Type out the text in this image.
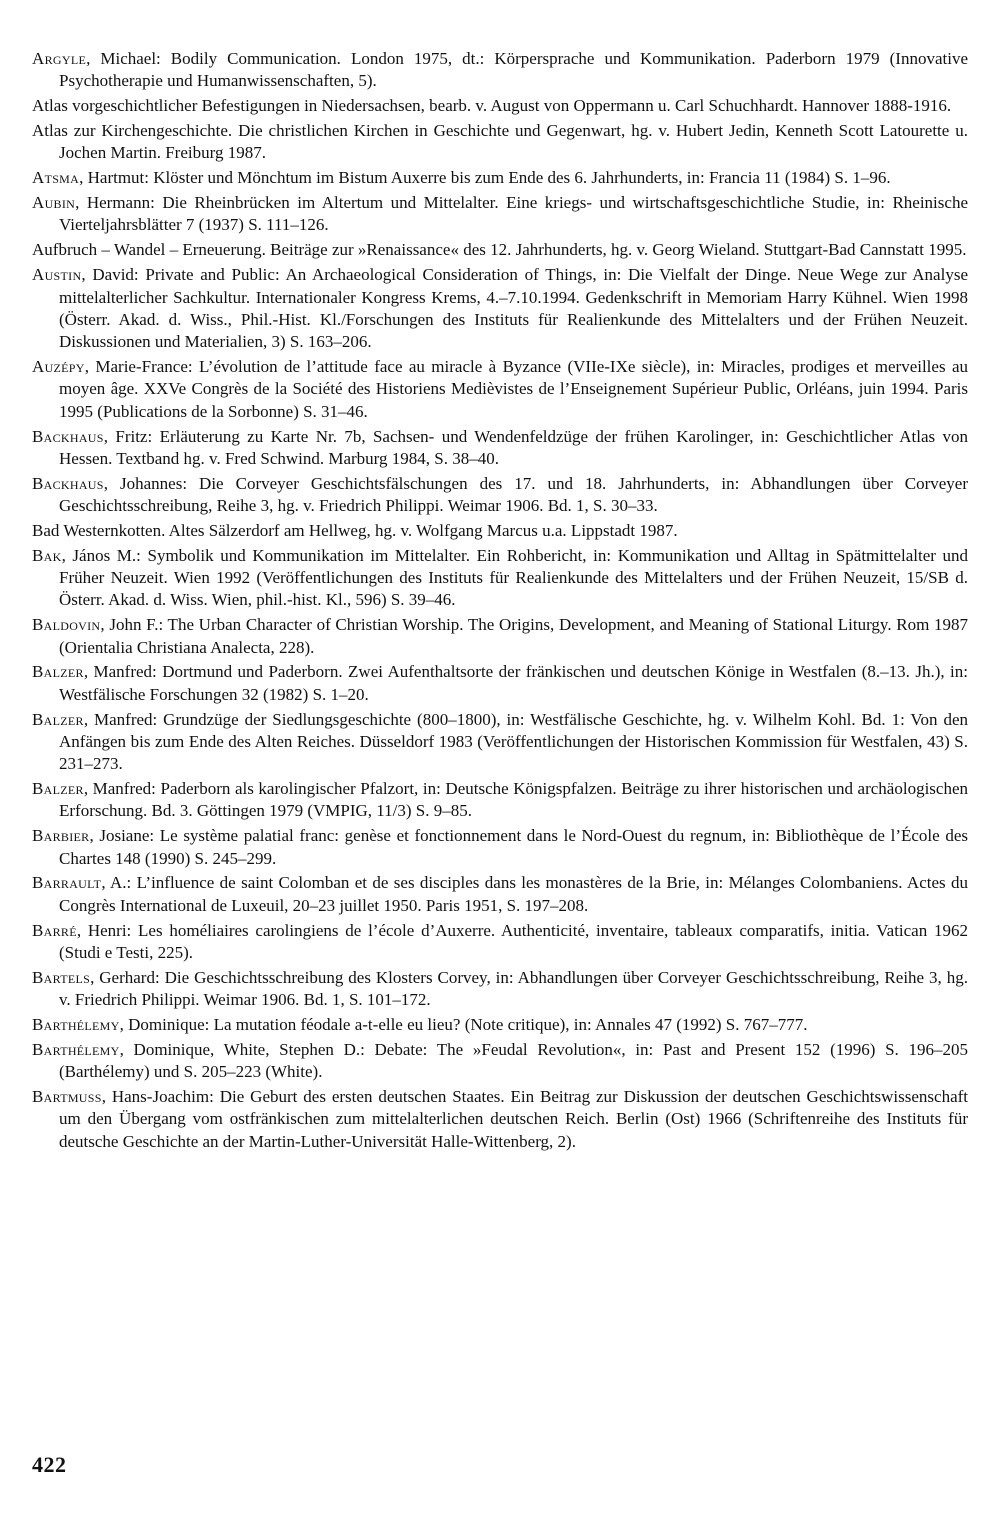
Argyle, Michael: Bodily Communication. London 1975, dt.: Körpersprache und Kommunikation. Paderborn 1979 (Innovative Psychotherapie und Humanwissenschaften, 5).

Atlas vorgeschichtlicher Befestigungen in Niedersachsen, bearb. v. August von Oppermann u. Carl Schuchhardt. Hannover 1888-1916.

Atlas zur Kirchengeschichte. Die christlichen Kirchen in Geschichte und Gegenwart, hg. v. Hubert Jedin, Kenneth Scott Latourette u. Jochen Martin. Freiburg 1987.

Atsma, Hartmut: Klöster und Mönchtum im Bistum Auxerre bis zum Ende des 6. Jahrhunderts, in: Francia 11 (1984) S. 1–96.

Aubin, Hermann: Die Rheinbrücken im Altertum und Mittelalter. Eine kriegs- und wirtschaftsgeschichtliche Studie, in: Rheinische Vierteljahrsblätter 7 (1937) S. 111–126.

Aufbruch – Wandel – Erneuerung. Beiträge zur »Renaissance« des 12. Jahrhunderts, hg. v. Georg Wieland. Stuttgart-Bad Cannstatt 1995.

Austin, David: Private and Public: An Archaeological Consideration of Things, in: Die Vielfalt der Dinge. Neue Wege zur Analyse mittelalterlicher Sachkultur. Internationaler Kongress Krems, 4.–7.10.1994. Gedenkschrift in Memoriam Harry Kühnel. Wien 1998 (Österr. Akad. d. Wiss., Phil.-Hist. Kl./Forschungen des Instituts für Realienkunde des Mittelalters und der Frühen Neuzeit. Diskussionen und Materialien, 3) S. 163–206.

Auzépy, Marie-France: L’évolution de l’attitude face au miracle à Byzance (VIIe-IXe siècle), in: Miracles, prodiges et merveilles au moyen âge. XXVe Congrès de la Société des Historiens Medièvistes de l’Enseignement Supérieur Public, Orléans, juin 1994. Paris 1995 (Publications de la Sorbonne) S. 31–46.

Backhaus, Fritz: Erläuterung zu Karte Nr. 7b, Sachsen- und Wendenfeldzüge der frühen Karolinger, in: Geschichtlicher Atlas von Hessen. Textband hg. v. Fred Schwind. Marburg 1984, S. 38–40.

Backhaus, Johannes: Die Corveyer Geschichtsfälschungen des 17. und 18. Jahrhunderts, in: Abhandlungen über Corveyer Geschichtsschreibung, Reihe 3, hg. v. Friedrich Philippi. Weimar 1906. Bd. 1, S. 30–33.

Bad Westernkotten. Altes Sälzerdorf am Hellweg, hg. v. Wolfgang Marcus u.a. Lippstadt 1987.

Bak, János M.: Symbolik und Kommunikation im Mittelalter. Ein Rohbericht, in: Kommunikation und Alltag in Spätmittelalter und Früher Neuzeit. Wien 1992 (Veröffentlichungen des Instituts für Realienkunde des Mittelalters und der Frühen Neuzeit, 15/SB d. Österr. Akad. d. Wiss. Wien, phil.-hist. Kl., 596) S. 39–46.

Baldovin, John F.: The Urban Character of Christian Worship. The Origins, Development, and Meaning of Stational Liturgy. Rom 1987 (Orientalia Christiana Analecta, 228).

Balzer, Manfred: Dortmund und Paderborn. Zwei Aufenthaltsorte der fränkischen und deutschen Könige in Westfalen (8.–13. Jh.), in: Westfälische Forschungen 32 (1982) S. 1–20.

Balzer, Manfred: Grundzüge der Siedlungsgeschichte (800–1800), in: Westfälische Geschichte, hg. v. Wilhelm Kohl. Bd. 1: Von den Anfängen bis zum Ende des Alten Reiches. Düsseldorf 1983 (Veröffentlichungen der Historischen Kommission für Westfalen, 43) S. 231–273.

Balzer, Manfred: Paderborn als karolingischer Pfalzort, in: Deutsche Königspfalzen. Beiträge zu ihrer historischen und archäologischen Erforschung. Bd. 3. Göttingen 1979 (VMPIG, 11/3) S. 9–85.

Barbier, Josiane: Le système palatial franc: genèse et fonctionnement dans le Nord-Ouest du regnum, in: Bibliothèque de l’École des Chartes 148 (1990) S. 245–299.

Barrault, A.: L’influence de saint Colomban et de ses disciples dans les monastères de la Brie, in: Mélanges Colombaniens. Actes du Congrès International de Luxeuil, 20–23 juillet 1950. Paris 1951, S. 197–208.

Barré, Henri: Les homéliaires carolingiens de l’école d’Auxerre. Authenticité, inventaire, tableaux comparatifs, initia. Vatican 1962 (Studi e Testi, 225).

Bartels, Gerhard: Die Geschichtsschreibung des Klosters Corvey, in: Abhandlungen über Corveyer Geschichtsschreibung, Reihe 3, hg. v. Friedrich Philippi. Weimar 1906. Bd. 1, S. 101–172.

Barthélemy, Dominique: La mutation féodale a-t-elle eu lieu? (Note critique), in: Annales 47 (1992) S. 767–777.

Barthélemy, Dominique, White, Stephen D.: Debate: The »Feudal Revolution«, in: Past and Present 152 (1996) S. 196–205 (Barthélemy) und S. 205–223 (White).

Bartmuss, Hans-Joachim: Die Geburt des ersten deutschen Staates. Ein Beitrag zur Diskussion der deutschen Geschichtswissenschaft um den Übergang vom ostfränkischen zum mittelalterlichen deutschen Reich. Berlin (Ost) 1966 (Schriftenreihe des Instituts für deutsche Geschichte an der Martin-Luther-Universität Halle-Wittenberg, 2).

422
